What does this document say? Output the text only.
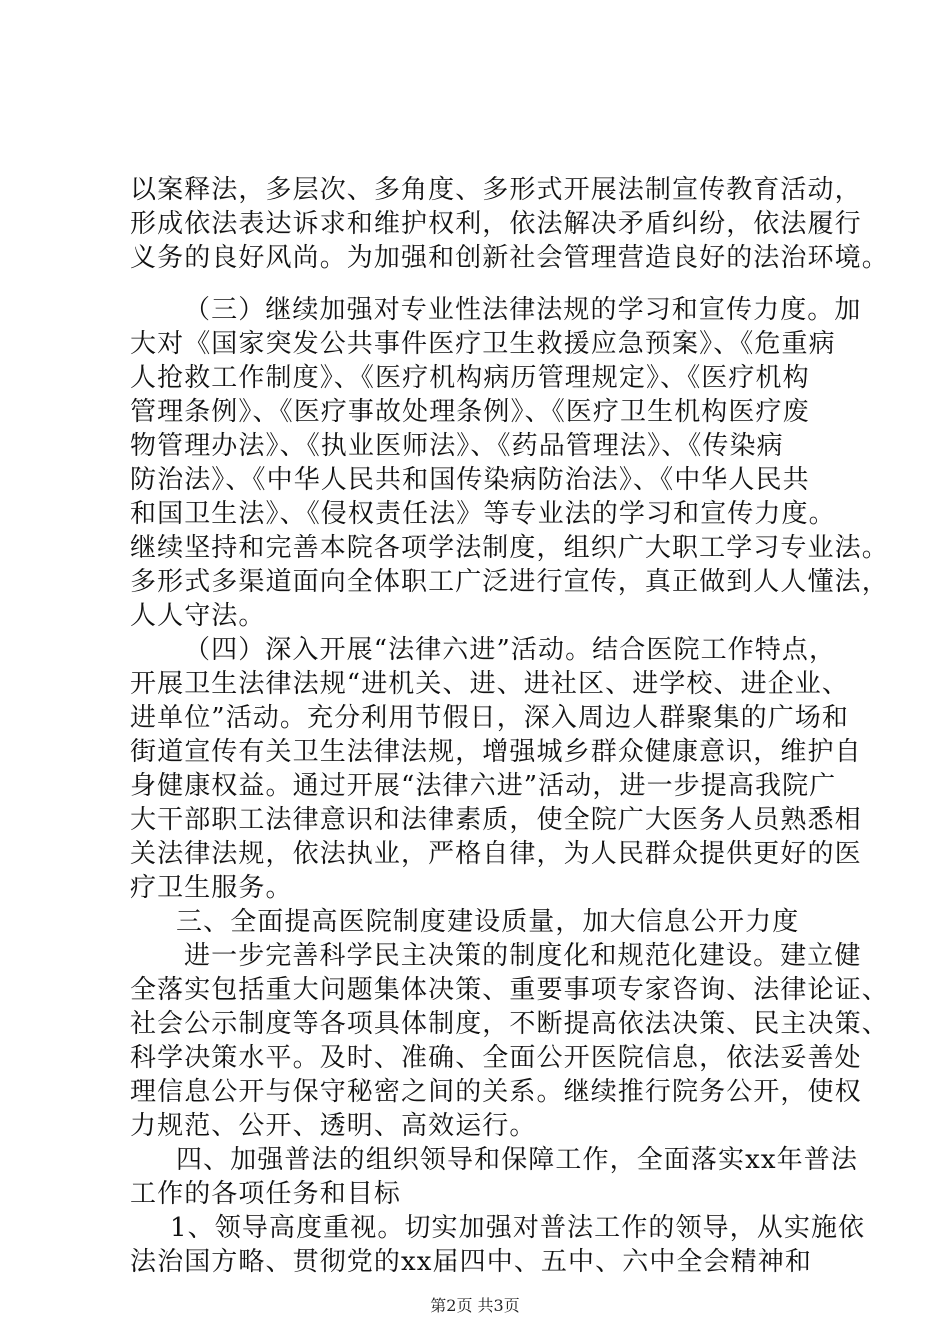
以案释法，多层次、多角度、多形式开展法制宣传教育活动，
形成依法表达诉求和维护权利，依法解决矛盾纠纷，依法履行
义务的良好风尚。为加强和创新社会管理营造良好的法治环境。
（三）继续加强对专业性法律法规的学习和宣传力度。加
大对《国家突发公共事件医疗卫生救援应急预案》、《危重病
人抢救工作制度》、《医疗机构病历管理规定》、《医疗机构
管理条例》、《医疗事故处理条例》、《医疗卫生机构医疗废
物管理办法》、《执业医师法》、《药品管理法》、《传染病
防治法》、《中华人民共和国传染病防治法》、《中华人民共
和国卫生法》、《侵权责任法》等专业法的学习和宣传力度。
继续坚持和完善本院各项学法制度，组织广大职工学习专业法。
多形式多渠道面向全体职工广泛进行宣传，真正做到人人懂法，
人人守法。
（四）深入开展“法律六进”活动。结合医院工作特点，
开展卫生法律法规“进机关、进、进社区、进学校、进企业、
进单位”活动。充分利用节假日，深入周边人群聚集的广场和
街道宣传有关卫生法律法规，增强城乡群众健康意识，维护自
身健康权益。通过开展“法律六进”活动，进一步提高我院广
大干部职工法律意识和法律素质，使全院广大医务人员熟悉相
关法律法规，依法执业，严格自律，为人民群众提供更好的医
疗卫生服务。
三、全面提高医院制度建设质量，加大信息公开力度
进一步完善科学民主决策的制度化和规范化建设。建立健
全落实包括重大问题集体决策、重要事项专家咨询、法律论证、
社会公示制度等各项具体制度，不断提高依法决策、民主决策、
科学决策水平。及时、准确、全面公开医院信息，依法妥善处
理信息公开与保守秘密之间的关系。继续推行院务公开，使权
力规范、公开、透明、高效运行。
四、加强普法的组织领导和保障工作，全面落实xx年普法
工作的各项任务和目标
1、领导高度重视。切实加强对普法工作的领导，从实施依
法治国方略、贯彻党的xx届四中、五中、六中全会精神和
第2页 共3页
